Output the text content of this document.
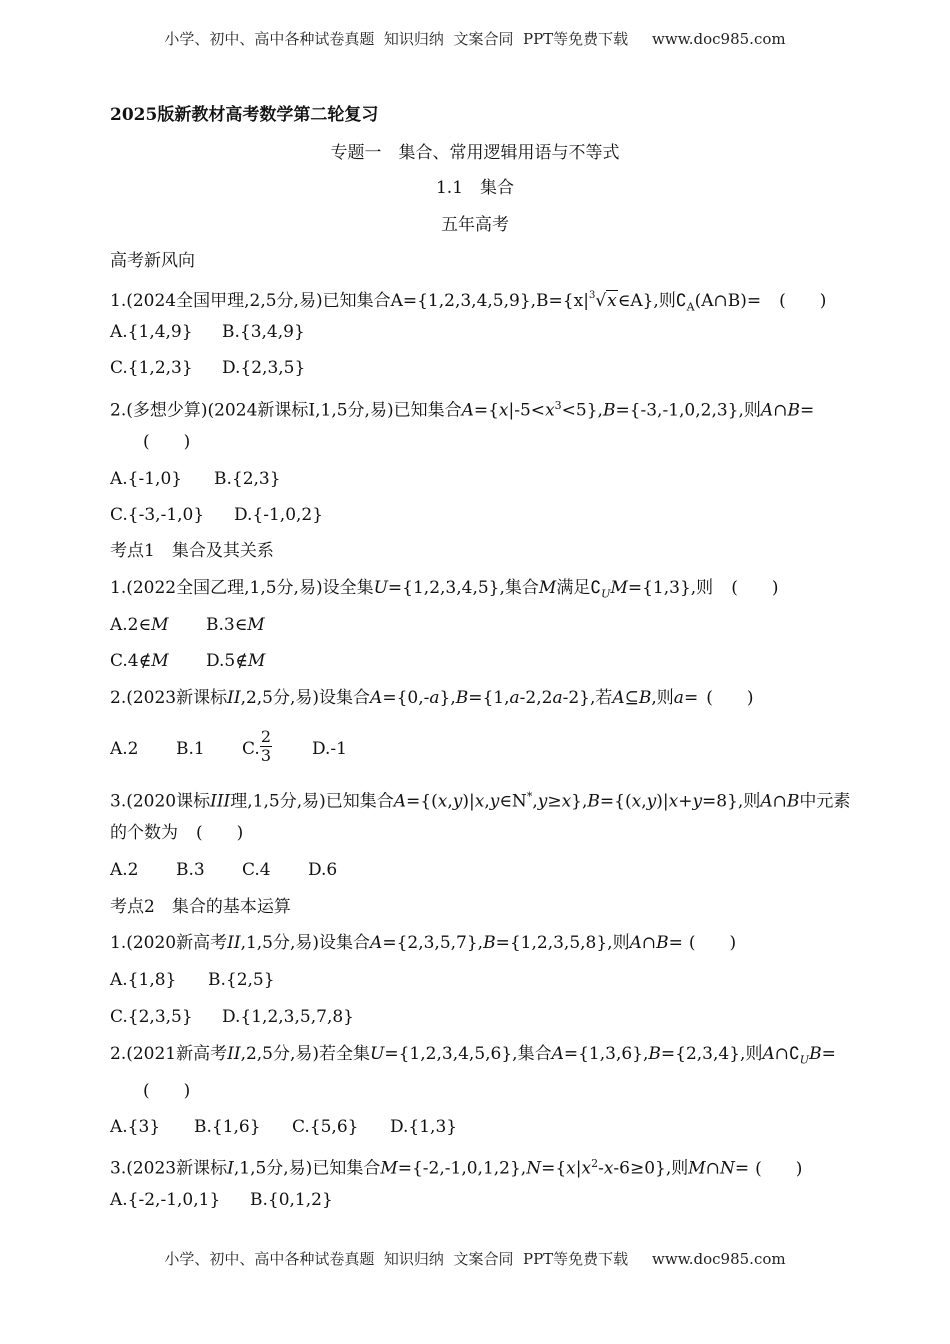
小学、初中、高中各种试卷真题  知识归纳  文案合同  PPT等免费下载     www.doc985.com
2025版新教材高考数学第二轮复习
专题一　集合、常用逻辑用语与不等式
1.1　集合
五年高考
高考新风向
1.(2024全国甲理,2,5分,易)已知集合$A=\{1,2,3,4,5,9\},B=\{x|^3√x\in A\}$,则$∁_A(A\cap B)=$ (　　)
A.{1,4,9} B.{3,4,9}
C.{1,2,3} D.{2,3,5}
2.(多想少算)(2024新课标Ⅰ,1,5分,易)已知集合$A=\{x|-5<x^3<5\},B=\{-3,-1,0,2,3\}$,则A∩B=
(　　)
A.{-1,0} B.{2,3}
C.{-3,-1,0} D.{-1,0,2}
考点1　集合及其关系
1.(2022全国乙理,1,5分,易)设全集U={1,2,3,4,5},集合M满足$∁_UM=\{1,3\}$,则 (　　)
A.2∈M B.3∈M
C.4∉M D.5∉M
2.(2023新课标II,2,5分,易)设集合A={0,-a},B={1,a-2,2a-2},若A⊆B,则a= (　　)
A.2 B.1 C. $\frac{2}{3} D.-1$
3.(2020课标III理,1,5分,易)已知集合A={(x,y)|x,y∈N*,y≥x},B={(x,y)|x+y=8},则A∩B中元素
的个数为 (　　)
A.2 B.3 C.4 D.6
考点2　集合的基本运算
1.(2020新高考II,1,5分,易)设集合A={2,3,5,7},B={1,2,3,5,8},则A∩B= (　　)
A.{1,8} B.{2,5}
C.{2,3,5} D.{1,2,3,5,7,8}
2.(2021新高考II,2,5分,易)若全集U={1,2,3,4,5,6},集合A={1,3,6},B={2,3,4},则$A\cap∁_UB=$
(　　)
A.{3} B.{1,6} C.{5,6} D.{1,3}
3.(2023新课标I,1,5分,易)已知集合$M=\{-2,-1,0,1,2\},N=\{x|x^2-x-6\ge 0\}$,则M∩N= (　　)
A.{-2,-1,0,1} B.{0,1,2}
小学、初中、高中各种试卷真题  知识归纳  文案合同  PPT等免费下载     www.doc985.com
